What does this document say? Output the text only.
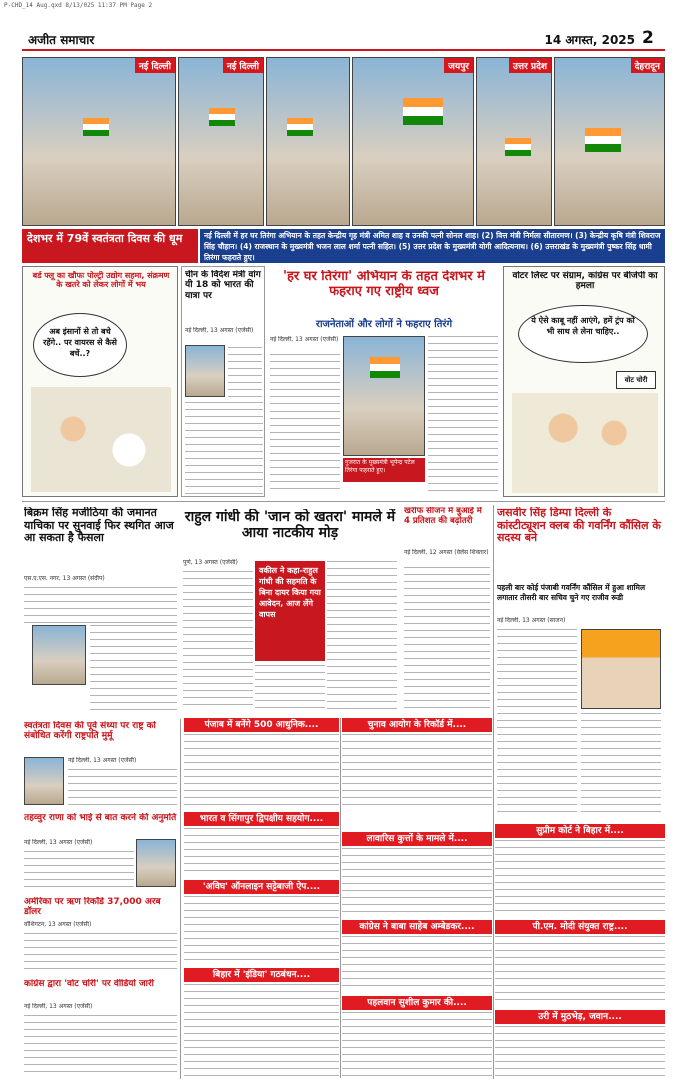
P-CHD_14 Aug.qxd 8/13/025 11:37 PM Page 2
अजीत समाचार	14 अगस्त, 2025 2
नई दिल्ली	नई दिल्ली	जयपुर	उत्तर प्रदेश	देहरादून
देशभर में 79वें स्वतंत्रता दिवस की धूम	नई दिल्ली में हर घर तिरंगा अभियान के तहत केन्द्रीय गृह मंत्री अमित शाह व उनकी पत्नी सोनल शाह। (2) वित्त मंत्री निर्मला सीतारमण। (3) केन्द्रीय कृषि मंत्री शिवराज सिंह चौहान। (4) राजस्थान के मुख्यमंत्री भजन लाल शर्मा पत्नी सहित। (5) उत्तर प्रदेश के मुख्यमंत्री योगी आदित्यनाथ। (6) उत्तराखंड के मुख्यमंत्री पुष्कर सिंह धामी तिरंगा फहराते हुए।
बर्ड फ्लू का खौफः पोल्ट्री उद्योग सहमा, संक्रमण के खतरे को लेकर लोगों में भय
अब इंसानों से तो बचे रहेंगे.. पर वायरस से कैसे बचें..?
चीन के विदेश मंत्री वांग यी 18 को भारत की यात्रा पर
नई दिल्ली, 13 अगस्त (एजेंसी)
'हर घर तिरंगा' अभियान के तहत देशभर में फहराए गए राष्ट्रीय ध्वज
राजनेताओं और लोगों ने फहराए तिरंगे
नई दिल्ली, 13 अगस्त (एजेंसी)
गुजरात के मुख्यमंत्री भूपेन्द्र पटेल तिरंगा फहराते हुए।
वोटर लिस्ट पर संग्राम, कांग्रेस पर बीजेपी का हमला
ये ऐसे काबू नहीं आएंगे, हमें ट्रंप को भी साथ ले लेना चाहिए..
वोट चोरी
बिक्रम सिंह मजीठिया की जमानत याचिका पर सुनवाई फिर स्थगित आज आ सकता है फैसला
एस.ए.एस. नगर, 13 अगस्त (संदीप)
राहुल गांधी की 'जान को खतरा' मामले में आया नाटकीय मोड़
पुणे, 13 अगस्त (एजेंसी)
वकील ने कहा-राहुल गांधी की सहमति के बिना दायर किया गया आवेदन, आज लेंगे वापस
खरीफ सीजन में बुआई में 4 प्रतिशत की बढ़ोतरी
नई दिल्ली, 12 अगस्त (वेलेंस शिक्तार)
जसवीर सिंह डिम्पा दिल्ली के कांस्टीट्यूशन क्लब की गवर्निंग कौंसिल के सदस्य बने
पहली बार कोई पंजाबी गवर्निंग कौंसिल में हुआ शामिल लगातार तीसरी बार सचिव चुने गए राजीव रूडी
नई दिल्ली, 13 अगस्त (साजन)
स्वतंत्रता दिवस की पूर्व संध्या पर राष्ट्र को संबोधित करेंगी राष्ट्रपति मुर्मू
नई दिल्ली, 13 अगस्त (एजेंसी)
तहव्वुर राणा को भाई से बात करने की अनुमति
नई दिल्ली, 13 अगस्त (एजेंसी)
अमेरिका पर ऋण रिकॉर्ड 37,000 अरब डॉलर
वॉशिंगटन, 13 अगस्त (एजेंसी)
कांग्रेस द्वारा 'वोट चोरी' पर वीडियो जारी
नई दिल्ली, 13 अगस्त (एजेंसी)
पंजाब में बनेंगे 500 आधुनिक....	चुनाव आयोग के रिकॉर्ड में....
भारत व सिंगापुर द्विपक्षीय सहयोग....
लावारिस कुत्तों के मामले में....
'अविघ' ऑनलाइन सट्टेबाजी ऐप....
कांग्रेस ने बाबा साहेब अम्बेडकर....
बिहार में 'इंडिया' गठबंधन....
पहलवान सुशील कुमार की....
सुप्रीम कोर्ट ने बिहार में....
पी.एम. मोदी संयुक्त राष्ट्र....
उरी में मुठभेड़, जवान....
